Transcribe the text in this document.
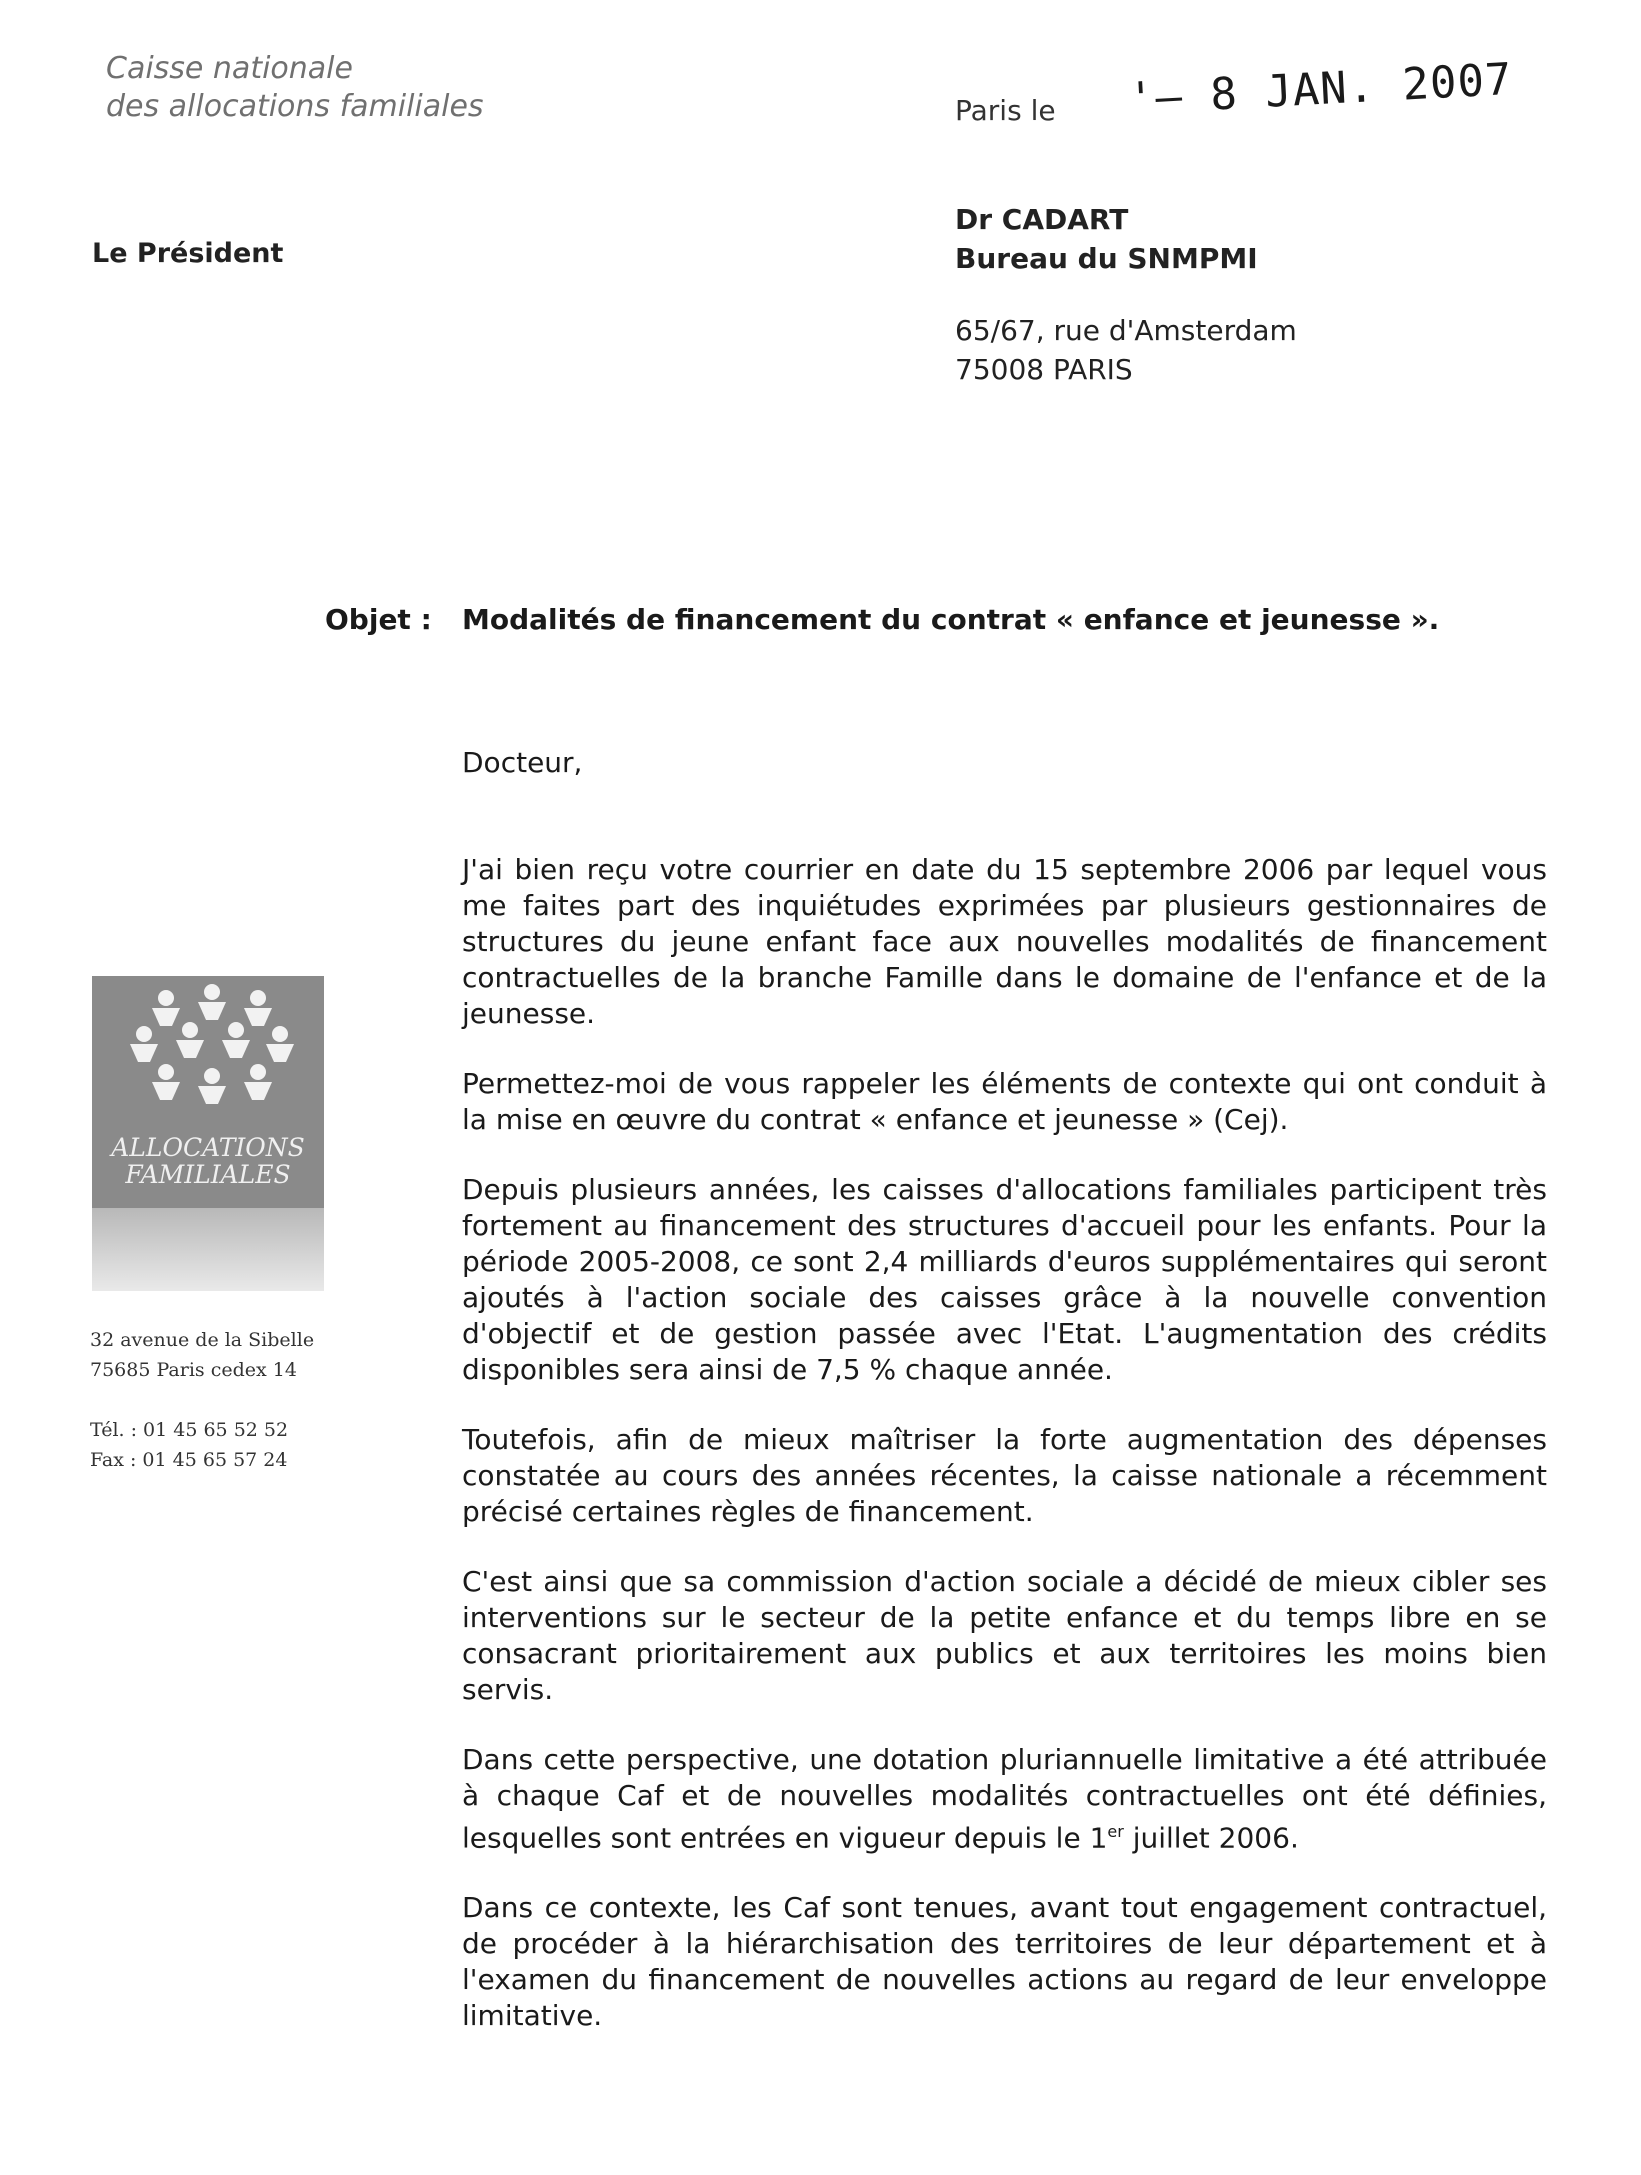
Caisse nationale
des allocations familiales
Le Président
Paris le '– 8 JAN. 2007
Dr CADART
Bureau du SNMPMI
65/67, rue d'Amsterdam
75008 PARIS
Objet : Modalités de financement du contrat « enfance et jeunesse ».
ALLOCATIONS
FAMILIALES
32 avenue de la Sibelle
75685 Paris cedex 14
Tél. : 01 45 65 52 52
Fax : 01 45 65 57 24
Docteur,

J'ai bien reçu votre courrier en date du 15 septembre 2006 par lequel vous me faites part des inquiétudes exprimées par plusieurs gestionnaires de structures du jeune enfant face aux nouvelles modalités de financement contractuelles de la branche Famille dans le domaine de l'enfance et de la jeunesse.

Permettez-moi de vous rappeler les éléments de contexte qui ont conduit à la mise en œuvre du contrat « enfance et jeunesse » (Cej).

Depuis plusieurs années, les caisses d'allocations familiales participent très fortement au financement des structures d'accueil pour les enfants. Pour la période 2005-2008, ce sont 2,4 milliards d'euros supplémentaires qui seront ajoutés à l'action sociale des caisses grâce à la nouvelle convention d'objectif et de gestion passée avec l'Etat. L'augmentation des crédits disponibles sera ainsi de 7,5 % chaque année.

Toutefois, afin de mieux maîtriser la forte augmentation des dépenses constatée au cours des années récentes, la caisse nationale a récemment précisé certaines règles de financement.

C'est ainsi que sa commission d'action sociale a décidé de mieux cibler ses interventions sur le secteur de la petite enfance et du temps libre en se consacrant prioritairement aux publics et aux territoires les moins bien servis.

Dans cette perspective, une dotation pluriannuelle limitative a été attribuée à chaque Caf et de nouvelles modalités contractuelles ont été définies, lesquelles sont entrées en vigueur depuis le 1er juillet 2006.

Dans ce contexte, les Caf sont tenues, avant tout engagement contractuel, de procéder à la hiérarchisation des territoires de leur département et à l'examen du financement de nouvelles actions au regard de leur enveloppe limitative.
